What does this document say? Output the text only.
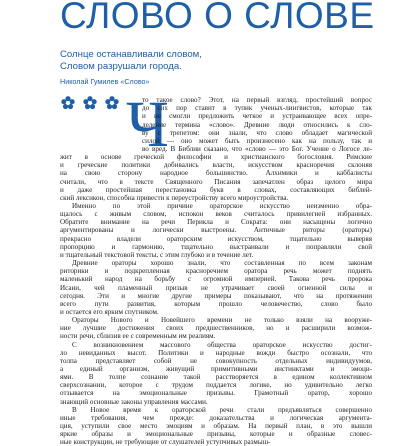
СЛОВО О СЛОВЕ
Солнце останавливали словом,
Словом разрушали города.
Николай Гумилев «Слово»
Ч
то такое слово? Этот, на первый взгляд, простейший вопрос
до сих пор ставит в тупик ученых-лингвистов, которые так
и не смогли предложить четкое и устраивающее всех опре-
деление термина «слово». Древние люди относились к сло-
ву с трепетом: они знали, что слово обладает магической
силой — оно может быть произнесено как на пользу, так и
во вред. В Библии сказано, что «слово — это Бог. Учение о Логосе ле-
жит в основе греческой философии и христианского богословия. Римские
и греческие политики добивались власти, искусством красноречия склоняя
на свою сторону народное большинство. Алхимики и каббалисты
считали, что в тексте Священного Писания запечатлен образ целого мира
и даже простейшая перестановка букв в словах, составляющих библей-
ский лексикон, способна привести к переустройству всего мироустройства.
Именно по этой причине ораторское искусство неизменно обра-
щалось с живым словом, испокон веков считалось привилегией избранных.
Обратите внимание на речи Перикла и Сократа: они насыщены логично
аргументированы и логически выстроены. Античные риторы (ораторы)
прекрасно владели ораторским искусством, тщательно выверяя
пропорцию и гармонию, тщательно выстраивали и поправляли свой
и тщательный текстовой тексты, с этим глубоко и в течение лет.
Древние ораторы хорошо знали, что составленная по всем законам
риторики и подкрепленная красноречием оратора речь может поднять
маленький народ на борьбу с огромной империей. Такова речь пророка
Исаии, чей пламенный призыв не утрачивает своей огненной силы и
сегодня. Эти и многие другие примеры показывают, что на протяжении
всего пути развития, которым прошло человечество, слово было
и остается его ярким спутником.
Ораторы Нового и Новейшего времени не только взяли на вооруже-
ние лучшие достижения своих предшественников, но и расширили возмож-
ности речи, сблизив ее с современным им реалиям.
С возникновением массового общества ораторское искусство достиг-
ло невиданных высот. Политики и народные вожди быстро осознали, что
толпа представляет собой не совокупность отдельных индивидуумов,
а единый организм, живущий примитивными инстинктами и эмоци-
ями. В толпе сознание такой расстворяется в едином коллективном
сверхсознании, которое с трудом поддается логике, но удивительно легко
отзывается на эмоциональные призывы. Грамотный оратор, хорошо
знающий основные законы управления массами.
В Новое время к ораторской речи стали предъявляться совершенно
иные требования, чем прежде: доказательства и логическая аргумента-
ция, уступили свое место эмоциям и образам. На первый план, в это вышли
яркие образы и эмоциональные призывы, которые и образные словес-
ные конструкции, не требующие от слушателей уступчивых размыш-
